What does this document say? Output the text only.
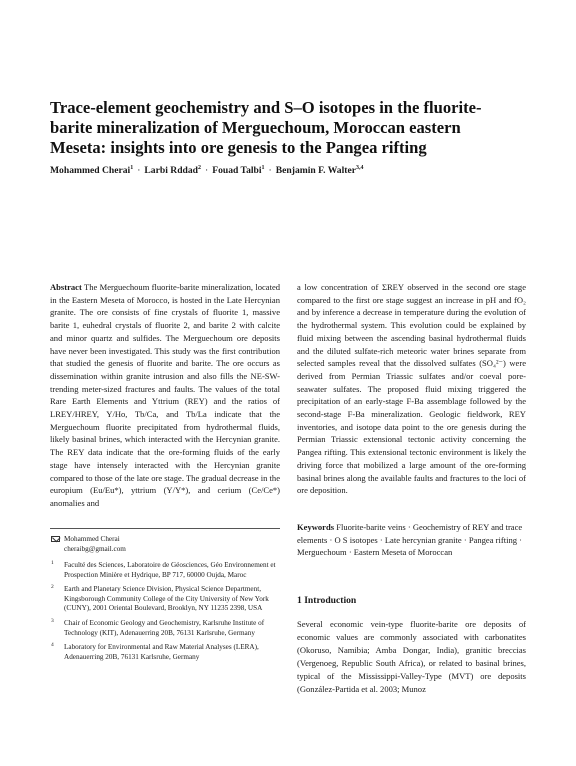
Trace-element geochemistry and S–O isotopes in the fluorite-barite mineralization of Merguechoum, Moroccan eastern Meseta: insights into ore genesis to the Pangea rifting
Mohammed Cherai$^1$ · Larbi Rddad$^2$ · Fouad Talbi$^1$ · Benjamin F. Walter$^{3,4}$

Abstract The Merguechoum fluorite-barite mineralization, located in the Eastern Meseta of Morocco, is hosted in the Late Hercynian granite. The ore consists of fine crystals of fluorite 1, massive barite 1, euhedral crystals of fluorite 2, and barite 2 with calcite and minor quartz and sulfides. The Merguechoum ore deposits have never been investigated. This study was the first contribution that studied the genesis of fluorite and barite. The ore occurs as dissemination within granite intrusion and also fills the NE-SW-trending meter-sized fractures and faults. The values of the total Rare Earth Elements and Yttrium (REY) and the ratios of LREY/HREY, Y/Ho, Tb/Ca, and Tb/La indicate that the Merguechoum fluorite precipitated from hydrothermal fluids, likely basinal brines, which interacted with the Hercynian granite. The REY data indicate that the ore-forming fluids of the early stage have intensely interacted with the Hercynian granite compared to those of the late ore stage. The gradual decrease in the europium (Eu/Eu*), yttrium (Y/Y*), and cerium (Ce/Ce*) anomalies and

a low concentration of ΣREY observed in the second ore stage compared to the first ore stage suggest an increase in pH and fO₂ and by inference a decrease in temperature during the evolution of the hydrothermal system. This evolution could be explained by fluid mixing between the ascending basinal hydrothermal fluids and the diluted sulfate-rich meteoric water brines separate from selected samples reveal that the dissolved sulfates (SO₄²⁻) were derived from Permian Triassic sulfates and/or coeval pore-seawater sulfates. The proposed fluid mixing triggered the precipitation of an early-stage F-Ba assemblage followed by the second-stage F-Ba mineralization. Geologic fieldwork, REY inventories, and isotope data point to the ore genesis during the Permian Triassic extensional tectonic activity concerning the Pangea rifting. This extensional tectonic environment is likely the driving force that mobilized a large amount of the ore-forming basinal brines along the available faults and fractures to the loci of ore deposition.

Mohammed Cherai
cheraibg@gmail.com
1 Faculté des Sciences, Laboratoire de Géosciences, Géo Environnement et Prospection Minière et Hydrique, BP 717, 60000 Oujda, Maroc
2 Earth and Planetary Science Division, Physical Science Department, Kingsborough Community College of the City University of New York (CUNY), 2001 Oriental Boulevard, Brooklyn, NY 11235 2398, USA
3 Chair of Economic Geology and Geochemistry, Karlsruhe Institute of Technology (KIT), Adenauerring 20B, 76131 Karlsruhe, Germany
4 Laboratory for Environmental and Raw Material Analyses (LERA), Adenauerring 20B, 76131 Karlsruhe, Germany
Keywords Fluorite-barite veins · Geochemistry of REY and trace elements · O S isotopes · Late hercynian granite · Pangea rifting · Merguechoum · Eastern Meseta of Moroccan
1 Introduction
Several economic vein-type fluorite-barite ore deposits of economic values are commonly associated with carbonatites (Okoruso, Namibia; Amba Dongar, India), granitic breccias (Vergenoeg, Republic South Africa), or related to basinal brines, typical of the Mississippi-Valley-Type (MVT) ore deposits (González-Partida et al. 2003; Munoz
